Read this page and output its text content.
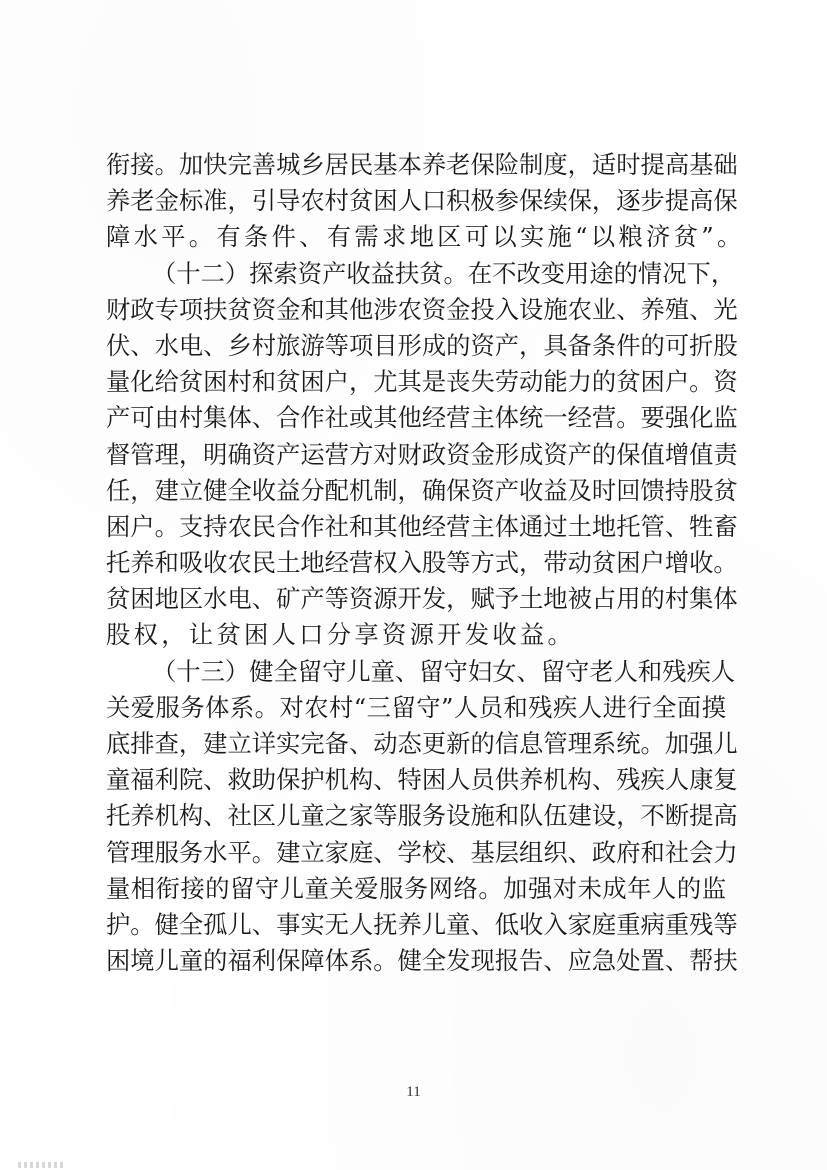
衔接。加快完善城乡居民基本养老保险制度，适时提高基础
养老金标准，引导农村贫困人口积极参保续保，逐步提高保
障水平。有条件、有需求地区可以实施“以粮济贫”。
（十二）探索资产收益扶贫。在不改变用途的情况下，
财政专项扶贫资金和其他涉农资金投入设施农业、养殖、光
伏、水电、乡村旅游等项目形成的资产，具备条件的可折股
量化给贫困村和贫困户，尤其是丧失劳动能力的贫困户。资
产可由村集体、合作社或其他经营主体统一经营。要强化监
督管理，明确资产运营方对财政资金形成资产的保值增值责
任，建立健全收益分配机制，确保资产收益及时回馈持股贫
困户。支持农民合作社和其他经营主体通过土地托管、牲畜
托养和吸收农民土地经营权入股等方式，带动贫困户增收。
贫困地区水电、矿产等资源开发，赋予土地被占用的村集体
股权，让贫困人口分享资源开发收益。
（十三）健全留守儿童、留守妇女、留守老人和残疾人
关爱服务体系。对农村“三留守”人员和残疾人进行全面摸
底排查，建立详实完备、动态更新的信息管理系统。加强儿
童福利院、救助保护机构、特困人员供养机构、残疾人康复
托养机构、社区儿童之家等服务设施和队伍建设，不断提高
管理服务水平。建立家庭、学校、基层组织、政府和社会力
量相衔接的留守儿童关爱服务网络。加强对未成年人的监
护。健全孤儿、事实无人抚养儿童、低收入家庭重病重残等
困境儿童的福利保障体系。健全发现报告、应急处置、帮扶
11
